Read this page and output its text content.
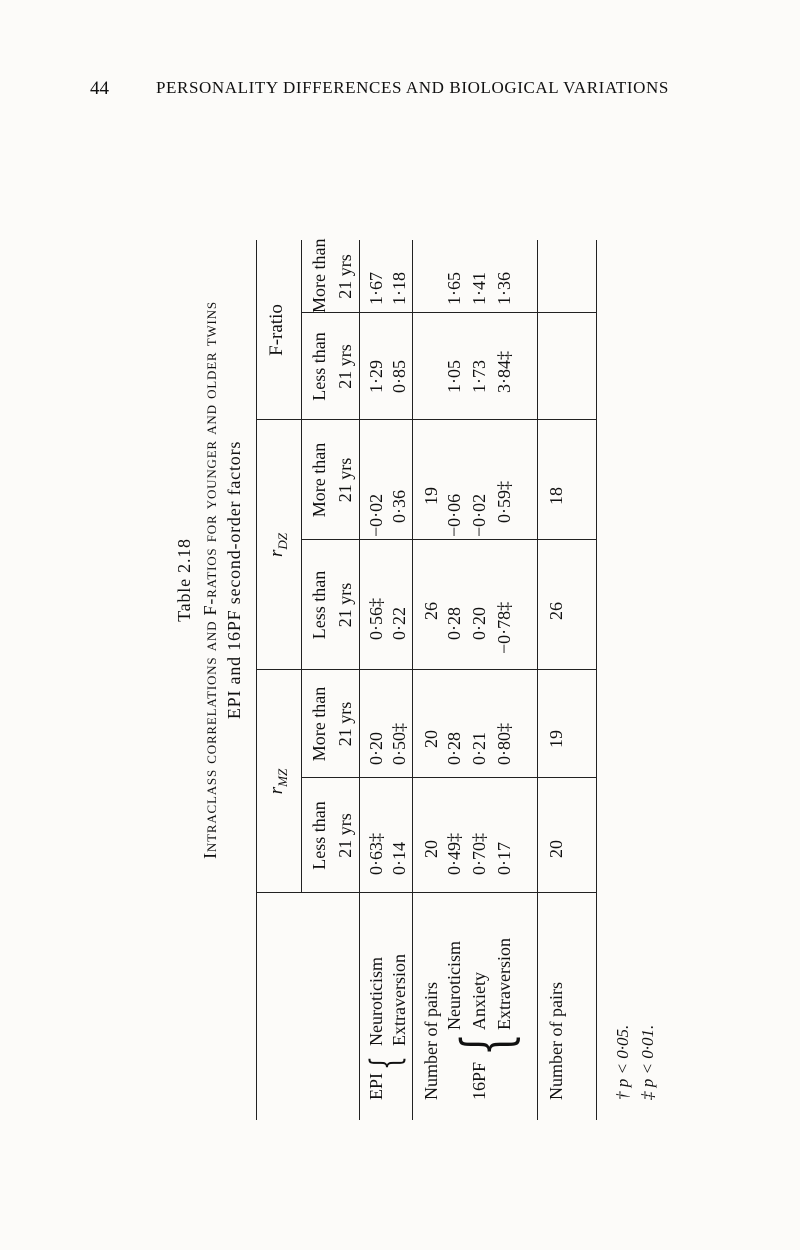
44	PERSONALITY DIFFERENCES AND BIOLOGICAL VARIATIONS
Table 2.18 Intraclass correlations and F-ratios for younger and older twins EPI and 16PF second-order factors
$r_{MZ}$
$r_{DZ}$
F-ratio
Less than 21 yrs
More than 21 yrs
Less than 21 yrs
More than 21 yrs
Less than 21 yrs
More than 21 yrs
EPI
{
Neuroticism Extraversion Number of pairs 16PF
{
Neuroticism Anxiety Extraversion Number of pairs
0·63‡
0·20
0·56‡
−0·02
1·29
1·67
0·14
0·50‡
0·22
0·36
0·85
1·18
20
20
26
19
0·49‡
0·28
0·28
−0·06
1·05
1·65
0·70‡
0·21
0·20
−0·02
1·73
1·41
0·17
0·80‡
−0·78‡
0·59‡
3·84‡
1·36
20
19
26
18
† p < 0·05. ‡ p < 0·01.
